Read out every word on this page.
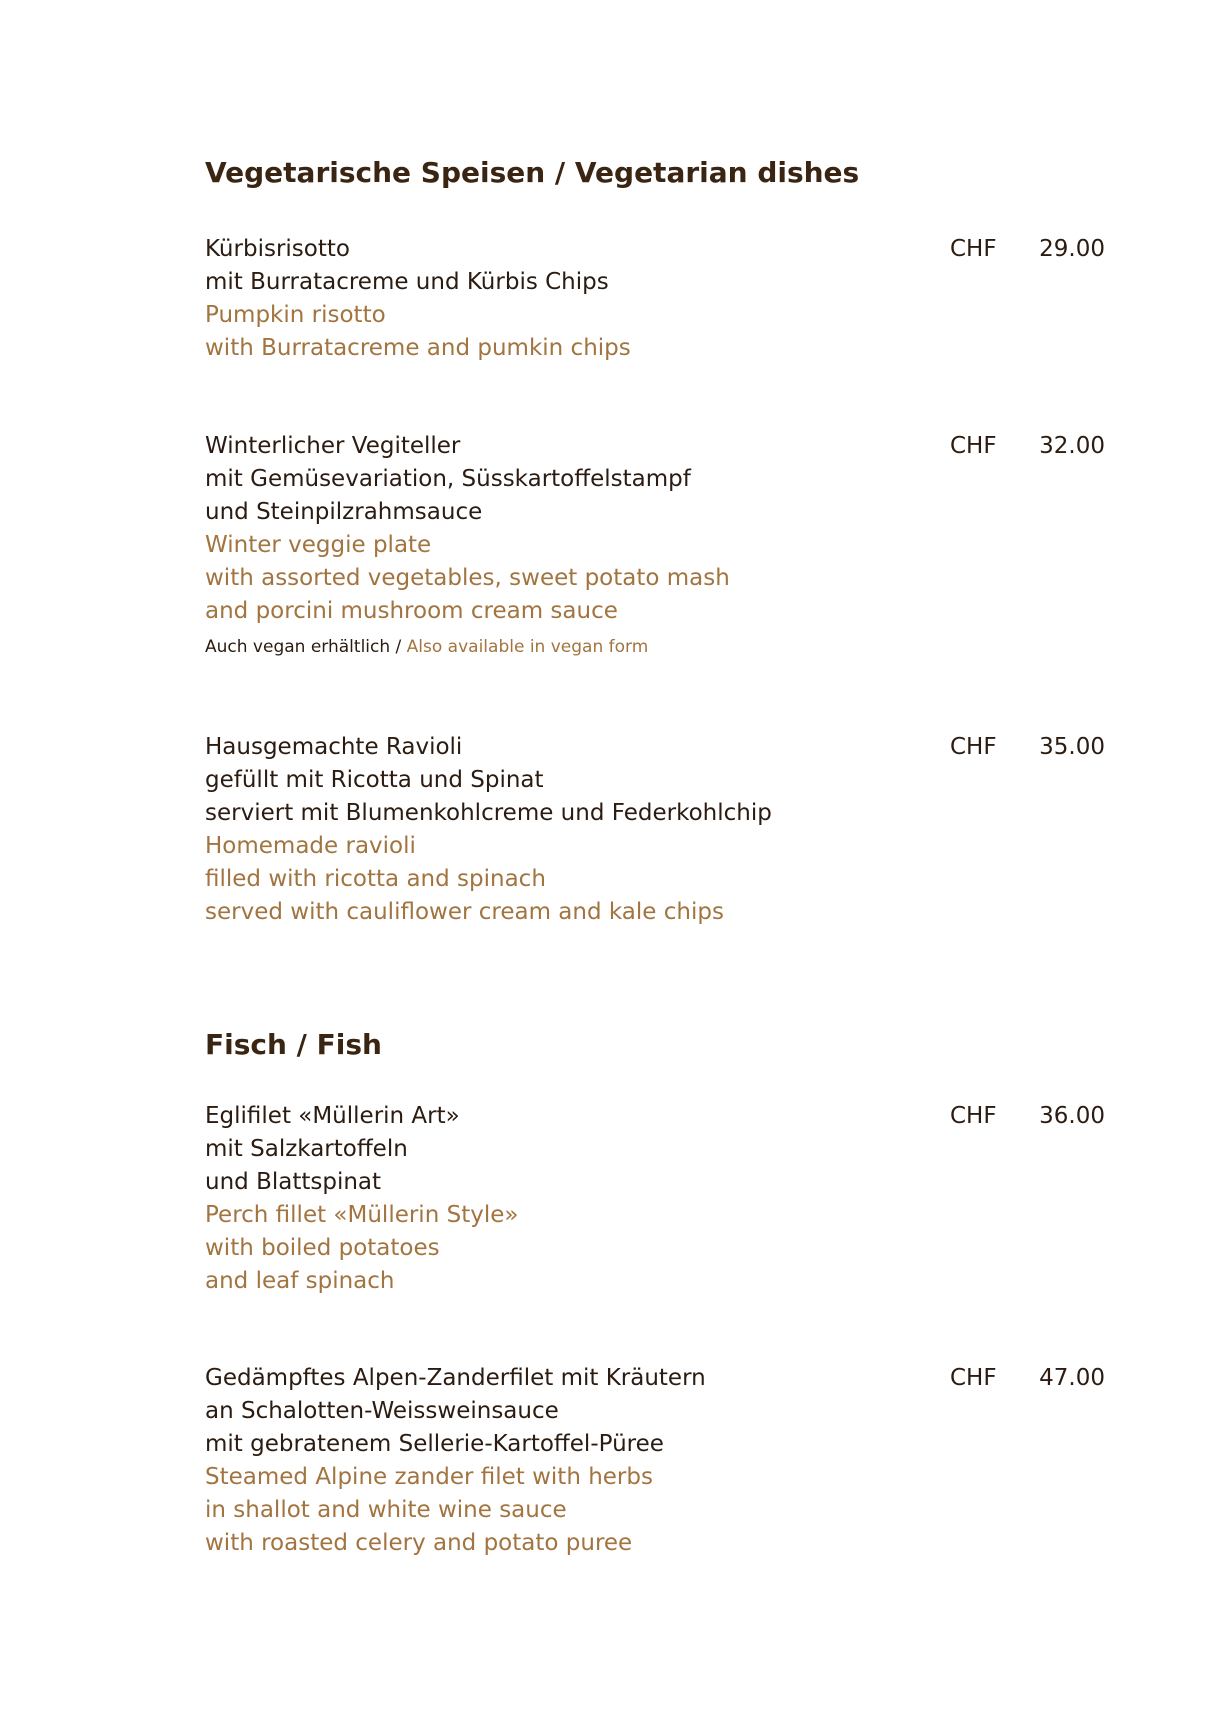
Vegetarische Speisen / Vegetarian dishes
Kürbisrisotto
mit Burratacreme und Kürbis Chips
Pumpkin risotto
with Burratacreme and pumkin chips
CHF	29.00
Winterlicher Vegiteller
mit Gemüsevariation, Süsskartoffelstampf
und Steinpilzrahmsauce
Winter veggie plate
with assorted vegetables, sweet potato mash
and porcini mushroom cream sauce
Auch vegan erhältlich / Also available in vegan form
CHF	32.00
Hausgemachte Ravioli
gefüllt mit Ricotta und Spinat
serviert mit Blumenkohlcreme und Federkohlchip
Homemade ravioli
filled with ricotta and spinach
served with cauliflower cream and kale chips
CHF	35.00
Fisch / Fish
Eglifilet «Müllerin Art»
mit Salzkartoffeln
und Blattspinat
Perch fillet «Müllerin Style»
with boiled potatoes
and leaf spinach
CHF	36.00
Gedämpftes Alpen-Zanderfilet mit Kräutern
an Schalotten-Weissweinsauce
mit gebratenem Sellerie-Kartoffel-Püree
Steamed Alpine zander filet with herbs
in shallot and white wine sauce
with roasted celery and potato puree
CHF	47.00
